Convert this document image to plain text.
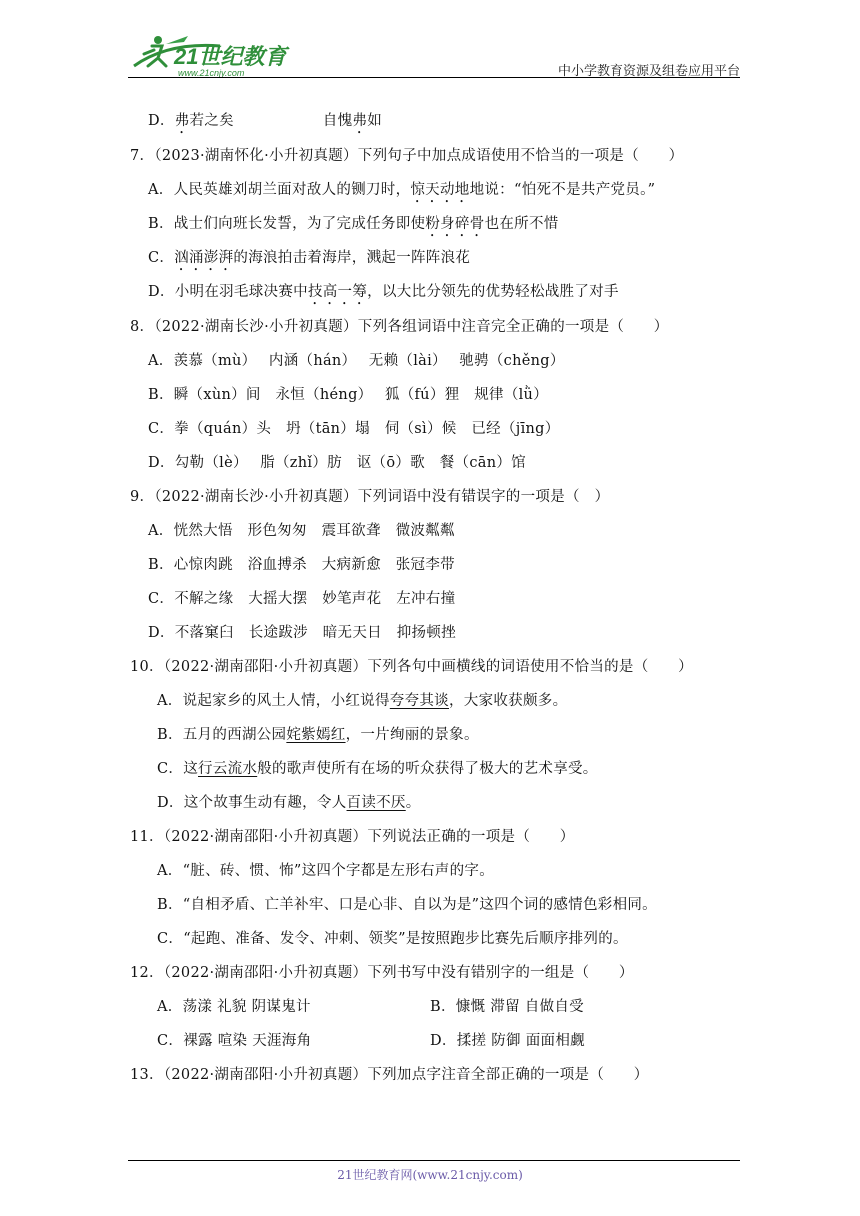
21世纪教育
www.21cnjy.com	中小学教育资源及组卷应用平台
D．弗若之矣　　　　　　	自愧弗如
7．（2023·湖南怀化·小升初真题）下列句子中加点成语使用不恰当的一项是（　　）
A．人民英雄刘胡兰面对敌人的铡刀时，惊天动地地说：“怕死不是共产党员。”
B．战士们向班长发誓，为了完成任务即使粉身碎骨也在所不惜
C．汹涌澎湃的海浪拍击着海岸，溅起一阵阵浪花
D．小明在羽毛球决赛中技高一筹，以大比分领先的优势轻松战胜了对手
8．（2022·湖南长沙·小升初真题）下列各组词语中注音完全正确的一项是（　　）
A．羡慕（mù）　 内涵（hán）　 无赖（lài）　 驰骋（chěng）
B．瞬（xùn）间　永恒（héng）　 狐（fú）狸　规律（lǜ）
C．拳（quán）头　坍（tān）塌　伺（sì）候　已经（jīng）
D．勾勒（lè）　 脂（zhǐ）肪　讴（ō）歌　餐（cān）馆
9．（2022·湖南长沙·小升初真题）下列词语中没有错误字的一项是（　）
A．恍然大悟　形色匆匆　震耳欲聋　微波粼粼
B．心惊肉跳　浴血搏杀　大病新愈　张冠李带
C．不解之缘　大摇大摆　妙笔声花　左冲右撞
D．不落窠臼　长途跋涉　暗无天日　抑扬顿挫
10．（2022·湖南邵阳·小升初真题）下列各句中画横线的词语使用不恰当的是（　　）
A．说起家乡的风土人情，小红说得夸夸其谈，大家收获颇多。
B．五月的西湖公园姹紫嫣红，一片绚丽的景象。
C．这行云流水般的歌声使所有在场的听众获得了极大的艺术享受。
D．这个故事生动有趣，令人百读不厌。
11．（2022·湖南邵阳·小升初真题）下列说法正确的一项是（　　）
A．“脏、砖、惯、怖”这四个字都是左形右声的字。
B．“自相矛盾、亡羊补牢、口是心非、自以为是”这四个词的感情色彩相同。
C．“起跑、准备、发令、冲刺、领奖”是按照跑步比赛先后顺序排列的。
12．（2022·湖南邵阳·小升初真题）下列书写中没有错别字的一组是（　　）
A．荡漾 礼貌 阴谋鬼计	B．慷慨 滞留 自做自受
C．裸露 喧染 天涯海角	D．揉搓 防御 面面相觑
13．（2022·湖南邵阳·小升初真题）下列加点字注音全部正确的一项是（　　）
21世纪教育网(www.21cnjy.com)
